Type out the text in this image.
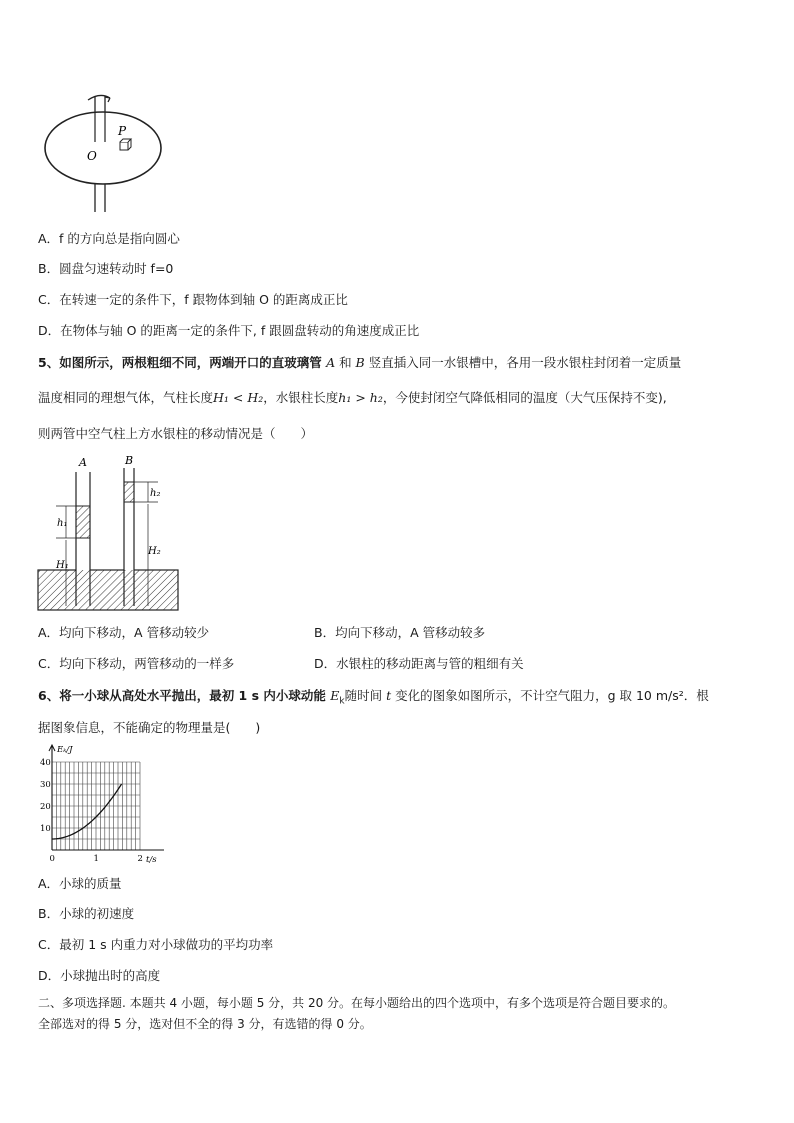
P
O
A．f 的方向总是指向圆心
B．圆盘匀速转动时 f=0
C．在转速一定的条件下，f 跟物体到轴 O 的距离成正比
D．在物体与轴 O 的距离一定的条件下, f 跟圆盘转动的角速度成正比
5、如图所示，两根粗细不同，两端开口的直玻璃管 A 和 B 竖直插入同一水银槽中，各用一段水银柱封闭着一定质量
温度相同的理想气体，气柱长度H₁ < H₂，水银柱长度h₁ > h₂，今使封闭空气降低相同的温度（大气压保持不变),
则两管中空气柱上方水银柱的移动情况是（　　）
A	B
h₁
h₂
H₁
H₂
A．均向下移动，A 管移动较少	B．均向下移动，A 管移动较多
C．均向下移动，两管移动的一样多	D．水银柱的移动距离与管的粗细有关
6、将一小球从高处水平抛出，最初 1 s 内小球动能 $E_k$随时间 t 变化的图象如图所示，不计空气阻力，g 取 10 m/s²．根
据图象信息，不能确定的物理量是(　　)
10
20
30
40
0	1	2
Eₖ/J
t/s
A．小球的质量
B．小球的初速度
C．最初 1 s 内重力对小球做功的平均功率
D．小球抛出时的高度
二、多项选择题. 本题共 4 小题，每小题 5 分，共 20 分。在每小题给出的四个选项中，有多个选项是符合题目要求的。
全部选对的得 5 分，选对但不全的得 3 分，有选错的得 0 分。
